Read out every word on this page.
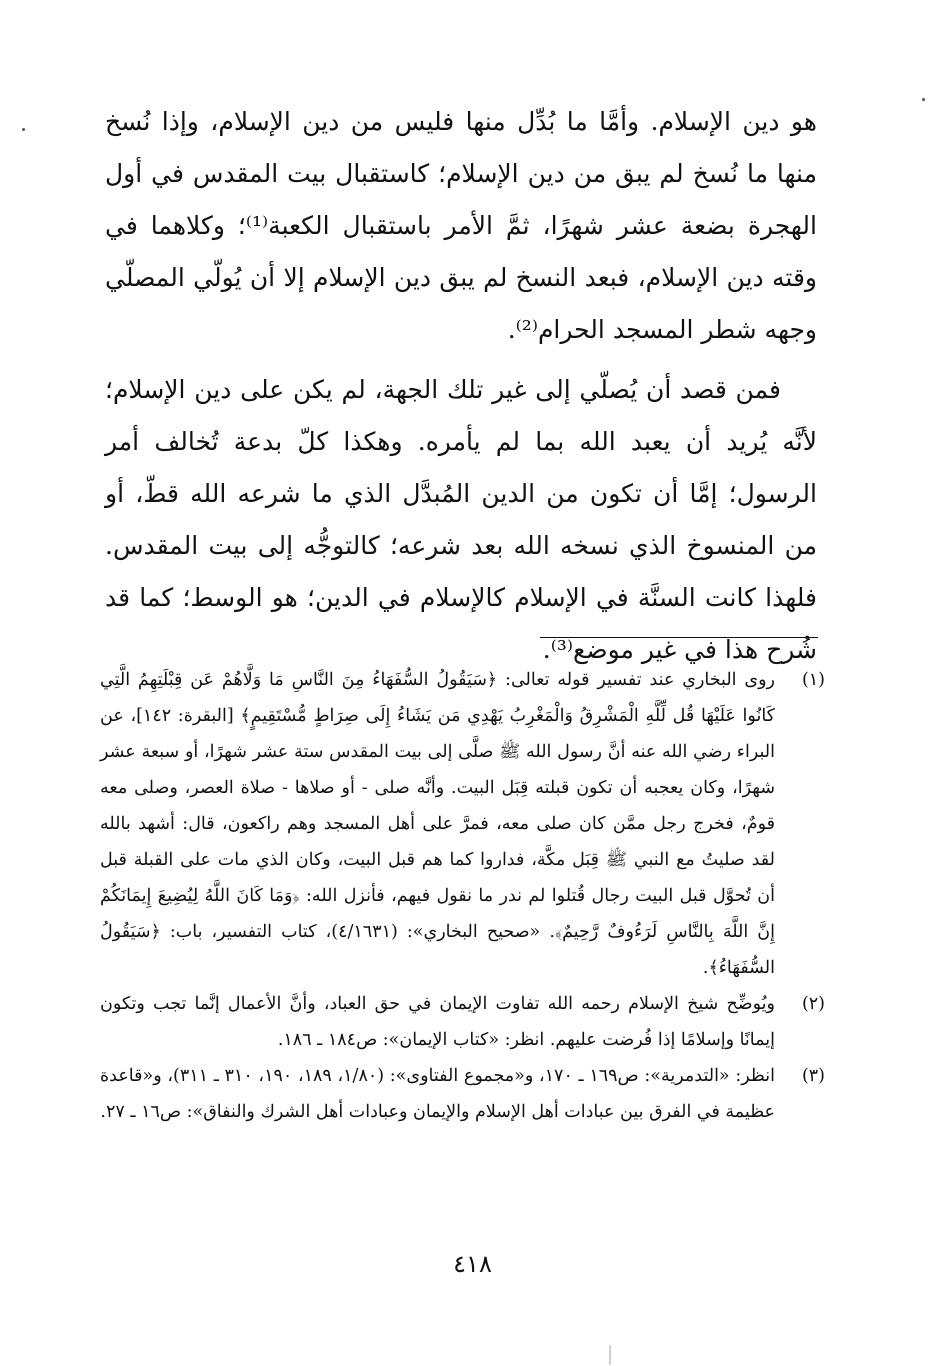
هو دين الإسلام. وأمَّا ما بُدِّل منها فليس من دين الإسلام، وإذا نُسخ منها ما نُسخ لم يبق من دين الإسلام؛ كاستقبال بيت المقدس في أول الهجرة بضعة عشر شهرًا، ثمَّ الأمر باستقبال الكعبة⁽¹⁾؛ وكلاهما في وقته دين الإسلام، فبعد النسخ لم يبق دين الإسلام إلا أن يُولّي المصلّي وجهه شطر المسجد الحرام⁽²⁾.

فمن قصد أن يُصلّي إلى غير تلك الجهة، لم يكن على دين الإسلام؛ لأنَّه يُريد أن يعبد الله بما لم يأمره. وهكذا كلّ بدعة تُخالف أمر الرسول؛ إمَّا أن تكون من الدين المُبدَّل الذي ما شرعه الله قطّ، أو من المنسوخ الذي نسخه الله بعد شرعه؛ كالتوجُّه إلى بيت المقدس. فلهذا كانت السنَّة في الإسلام كالإسلام في الدين؛ هو الوسط؛ كما قد شُرح هذا في غير موضع⁽³⁾.

(١)
روى البخاري عند تفسير قوله تعالى: ﴿سَيَقُولُ السُّفَهَاءُ مِنَ النَّاسِ مَا وَلَّاهُمْ عَن قِبْلَتِهِمُ الَّتِي كَانُوا عَلَيْهَا قُل لِّلَّهِ الْمَشْرِقُ وَالْمَغْرِبُ يَهْدِي مَن يَشَاءُ إِلَى صِرَاطٍ مُّسْتَقِيمٍ﴾ [البقرة: ١٤٢]، عن البراء رضي الله عنه أنَّ رسول الله ﷺ صلَّى إلى بيت المقدس ستة عشر شهرًا، أو سبعة عشر شهرًا، وكان يعجبه أن تكون قبلته قِبَل البيت. وأنَّه صلى - أو صلاها - صلاة العصر، وصلى معه قومٌ، فخرج رجل ممَّن كان صلى معه، فمرَّ على أهل المسجد وهم راكعون، قال: أشهد بالله لقد صليتُ مع النبي ﷺ قِبَل مكَّة، فداروا كما هم قبل البيت، وكان الذي مات على القبلة قبل أن تُحوَّل قبل البيت رجال قُتلوا لم ندر ما نقول فيهم، فأنزل الله: ﴿وَمَا كَانَ اللَّهُ لِيُضِيعَ إِيمَانَكُمْ إِنَّ اللَّهَ بِالنَّاسِ لَرَءُوفٌ رَّحِيمٌ﴾. «صحيح البخاري»: (٤/١٦٣١)، كتاب التفسير، باب: ﴿سَيَقُولُ السُّفَهَاءُ﴾.
(٢)
ويُوضِّح شيخ الإسلام رحمه الله تفاوت الإيمان في حق العباد، وأنَّ الأعمال إنَّما تجب وتكون إيمانًا وإسلامًا إذا فُرضت عليهم. انظر: «كتاب الإيمان»: ص١٨٤ ـ ١٨٦.
(٣)
انظر: «التدمرية»: ص١٦٩ ـ ١٧٠، و«مجموع الفتاوى»: (١/٨٠، ١٨٩، ١٩٠، ٣١٠ ـ ٣١١)، و«قاعدة عظيمة في الفرق بين عبادات أهل الإسلام والإيمان وعبادات أهل الشرك والنفاق»: ص١٦ ـ ٢٧.
٤١٨
